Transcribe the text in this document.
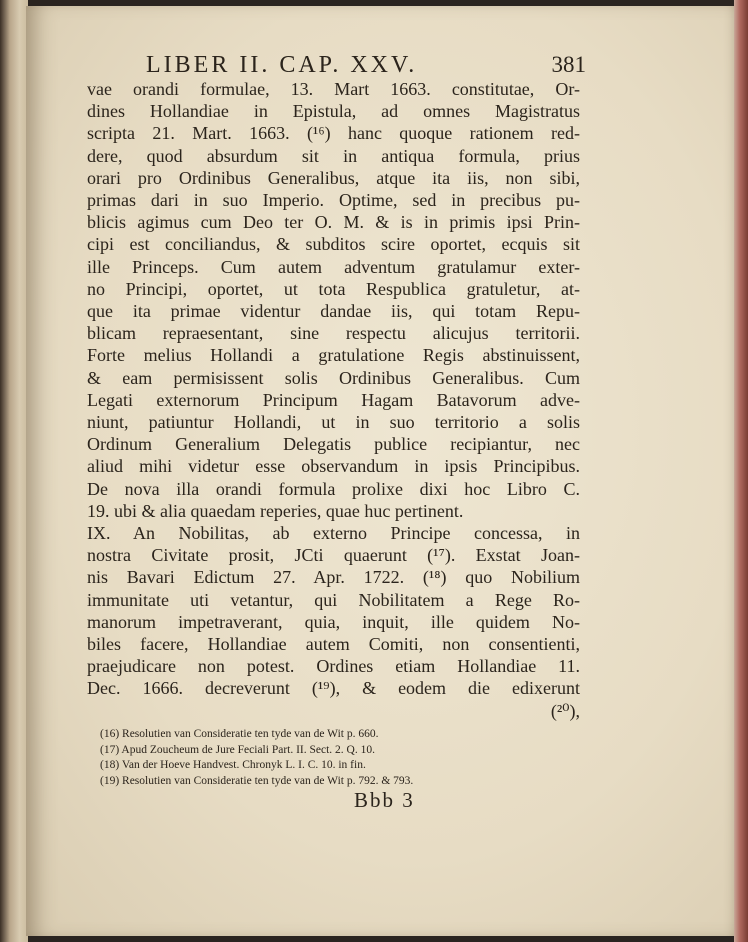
LIBER II. CAP. XXV.	381
vae orandi formulae, 13. Mart 1663. constitutae, Or-
dines Hollandiae in Epistula, ad omnes Magistratus
scripta 21. Mart. 1663. (¹⁶) hanc quoque rationem red-
dere, quod absurdum sit in antiqua formula, prius
orari pro Ordinibus Generalibus, atque ita iis, non sibi,
primas dari in suo Imperio. Optime, sed in precibus pu-
blicis agimus cum Deo ter O. M. & is in primis ipsi Prin-
cipi est conciliandus, & subditos scire oportet, ecquis sit
ille Princeps. Cum autem adventum gratulamur exter-
no Principi, oportet, ut tota Respublica gratuletur, at-
que ita primae videntur dandae iis, qui totam Repu-
blicam repraesentant, sine respectu alicujus territorii.
Forte melius Hollandi a gratulatione Regis abstinuissent,
& eam permisissent solis Ordinibus Generalibus. Cum
Legati externorum Principum Hagam Batavorum adve-
niunt, patiuntur Hollandi, ut in suo territorio a solis
Ordinum Generalium Delegatis publice recipiantur, nec
aliud mihi videtur esse observandum in ipsis Principibus.
De nova illa orandi formula prolixe dixi hoc Libro C.
19. ubi & alia quaedam reperies, quae huc pertinent.
IX. An Nobilitas, ab externo Principe concessa, in
nostra Civitate prosit, JCti quaerunt (¹⁷). Exstat Joan-
nis Bavari Edictum 27. Apr. 1722. (¹⁸) quo Nobilium
immunitate uti vetantur, qui Nobilitatem a Rege Ro-
manorum impetraverant, quia, inquit, ille quidem No-
biles facere, Hollandiae autem Comiti, non consentienti,
praejudicare non potest. Ordines etiam Hollandiae 11.
Dec. 1666. decreverunt (¹⁹), & eodem die edixerunt
(²⁰),
(16) Resolutien van Consideratie ten tyde van de Wit p. 660.
(17) Apud Zoucheum de Jure Feciali Part. II. Sect. 2. Q. 10.
(18) Van der Hoeve Handvest. Chronyk L. I. C. 10. in fin.
(19) Resolutien van Consideratie ten tyde van de Wit p. 792. & 793.
Bbb 3
